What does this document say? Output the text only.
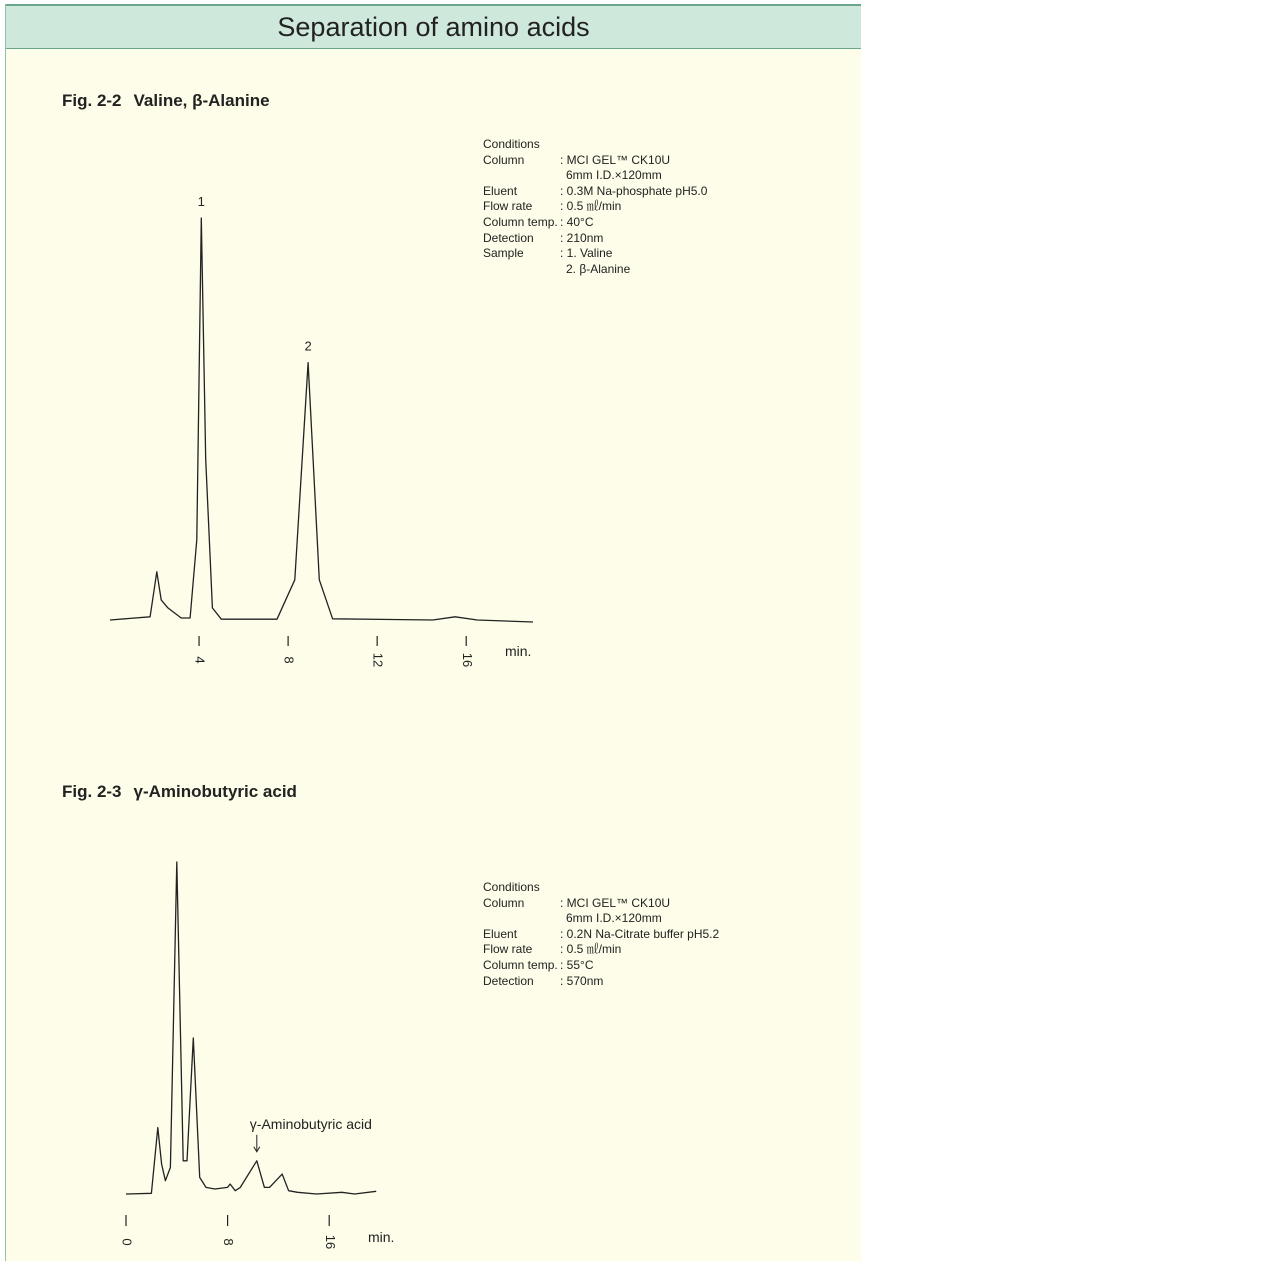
Separation of amino acids
Fig. 2-2 Valine, β-Alanine
Conditions
Column	: MCI GEL™ CK10U
6mm I.D.×120mm
Eluent	: 0.3M Na-phosphate pH5.0
Flow rate	: 0.5 ㎖/min
Column temp. : 40°C
Detection	: 210nm
Sample	: 1. Valine
2. β-Alanine
Fig. 2-3 γ-Aminobutyric acid
Conditions
Column	: MCI GEL™ CK10U
6mm I.D.×120mm
Eluent	: 0.2N Na-Citrate buffer pH5.2
Flow rate	: 0.5 ㎖/min
Column temp. : 55°C
Detection	: 570nm
4	8	12	16
min.
1
2
0	8	16 min.
γ-Aminobutyric acid
